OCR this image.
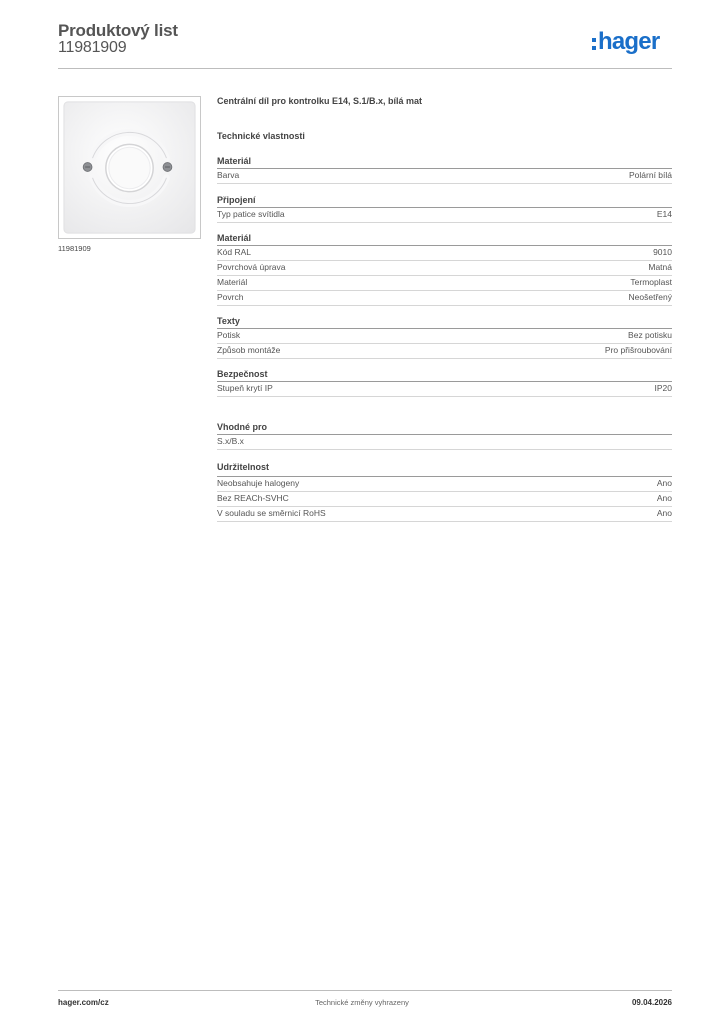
Produktový list
11981909	hager
11981909
Centrální díl pro kontrolku E14, S.1/B.x, bílá mat
Technické vlastnosti
Materiál
Barva	Polární bílá
Připojení
Typ patice svítidla	E14
Materiál
Kód RAL	9010
Povrchová úprava	Matná
Materiál	Termoplast
Povrch	Neošetřený
Texty
Potisk	Bez potisku
Způsob montáže	Pro přišroubování
Bezpečnost
Stupeň krytí IP	IP20
Vhodné pro
S.x/B.x
Udržitelnost
Neobsahuje halogeny	Ano
Bez REACh-SVHC	Ano
V souladu se směrnicí RoHS	Ano
hager.com/cz	Technické změny vyhrazeny	09.04.2026
